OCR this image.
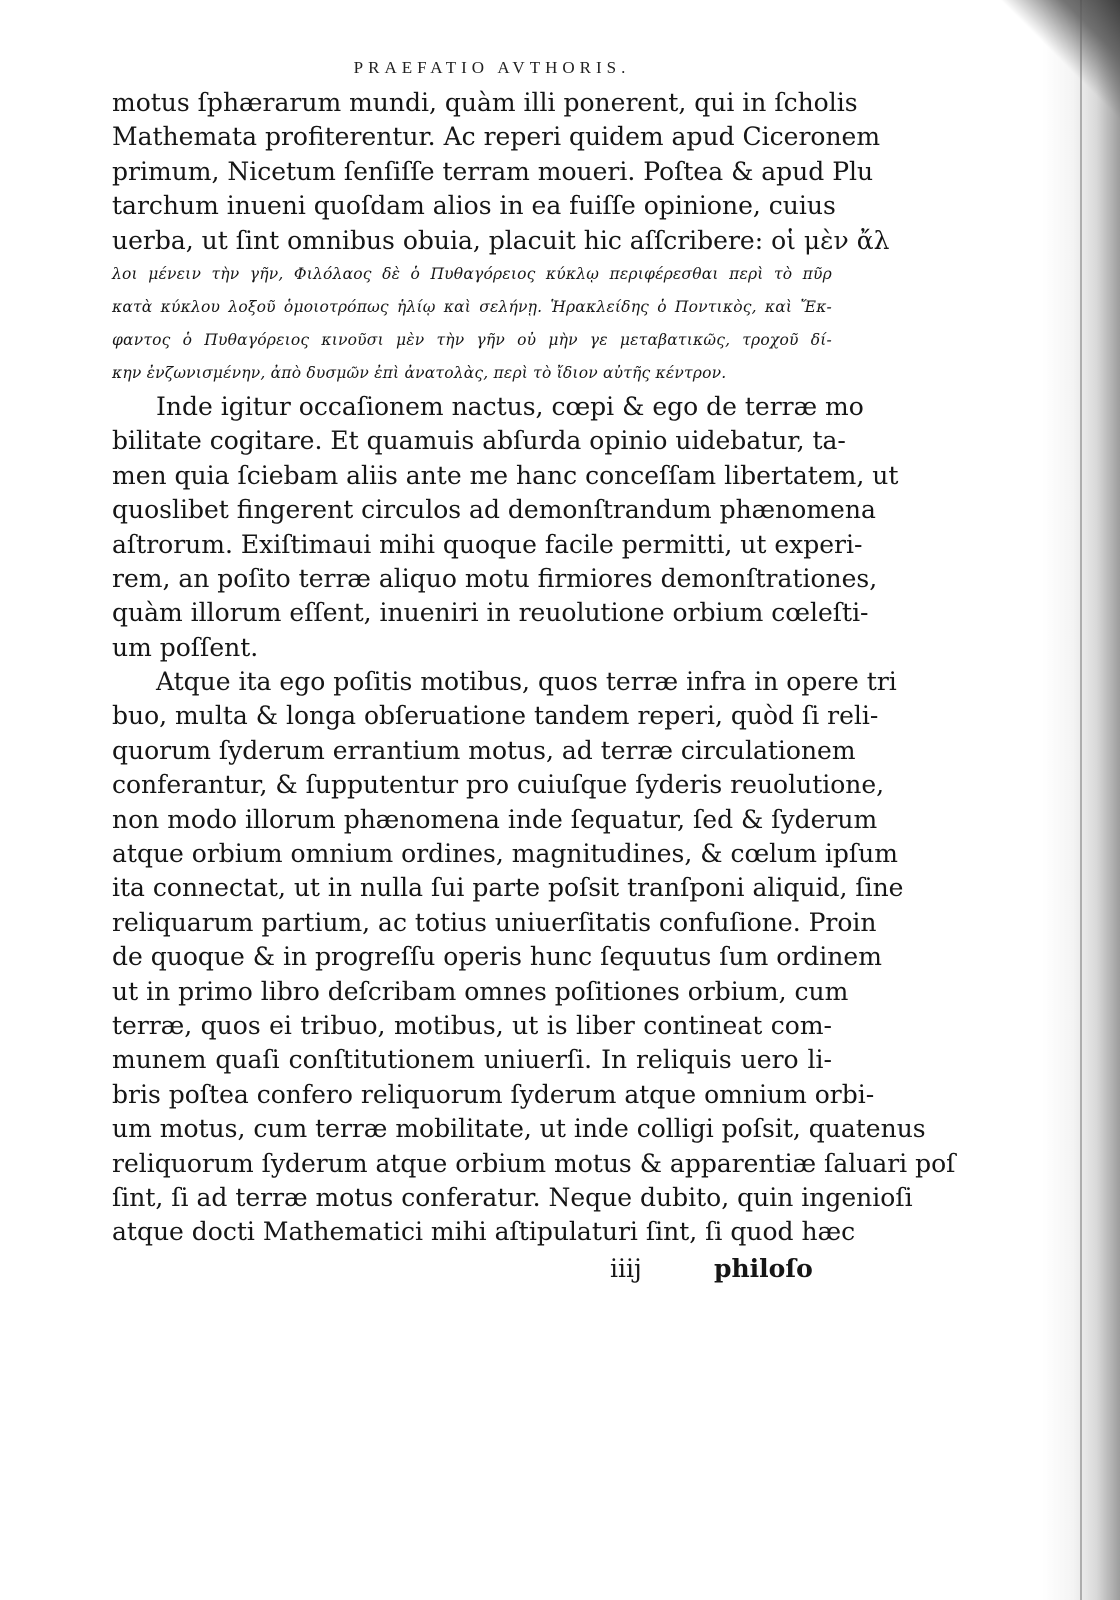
PRAEFATIO AVTHORIS.
motus ſphærarum mundi, quàm illi ponerent, qui in ſcholis
Mathemata profiterentur. Ac reperi quidem apud Ciceronem
primum, Nicetum ſenſiſſe terram moueri. Poſtea & apud Plu
tarchum inueni quoſdam alios in ea fuiſſe opinione, cuius
uerba, ut ſint omnibus obuia, placuit hic aſſcribere: οἱ μὲν ἄλ
λοι μένειν τὴν γῆν, Φιλόλαος δὲ ὁ Πυθαγόρειος κύκλῳ περιφέρεσθαι περὶ τὸ πῦρ
κατὰ κύκλου λοξοῦ ὁμοιοτρόπως ἡλίῳ καὶ σελήνῃ. Ἡρακλείδης ὁ Ποντικὸς, καὶ Ἔκ-
φαντος ὁ Πυθαγόρειος κινοῦσι μὲν τὴν γῆν οὐ μὴν γε μεταβατικῶς, τροχοῦ δί-
κην ἐνζωνισμένην, ἀπὸ δυσμῶν ἐπὶ ἀνατολὰς, περὶ τὸ ἴδιον αὐτῆς κέντρον.
Inde igitur occaſionem nactus, cœpi & ego de terræ mo
bilitate cogitare. Et quamuis abſurda opinio uidebatur, ta-
men quia ſciebam aliis ante me hanc conceſſam libertatem, ut
quoslibet fingerent circulos ad demonſtrandum phænomena
aſtrorum. Exiſtimaui mihi quoque facile permitti, ut experi-
rem, an poſito terræ aliquo motu firmiores demonſtrationes,
quàm illorum eſſent, inueniri in reuolutione orbium cœleſti-
um poſſent.
Atque ita ego poſitis motibus, quos terræ infra in opere tri
buo, multa & longa obſeruatione tandem reperi, quòd ſi reli-
quorum ſyderum errantium motus, ad terræ circulationem
conferantur, & ſupputentur pro cuiuſque ſyderis reuolutione,
non modo illorum phænomena inde ſequatur, ſed & ſyderum
atque orbium omnium ordines, magnitudines, & cœlum ipſum
ita connectat, ut in nulla ſui parte poſsit tranſponi aliquid, ſine
reliquarum partium, ac totius uniuerſitatis confuſione. Proin
de quoque & in progreſſu operis hunc ſequutus ſum ordinem
ut in primo libro deſcribam omnes poſitiones orbium, cum
terræ, quos ei tribuo, motibus, ut is liber contineat com-
munem quaſi conſtitutionem uniuerſi. In reliquis uero li-
bris poſtea confero reliquorum ſyderum atque omnium orbi-
um motus, cum terræ mobilitate, ut inde colligi poſsit, quatenus
reliquorum ſyderum atque orbium motus & apparentiæ ſaluari poſ
ſint, ſi ad terræ motus conferatur. Neque dubito, quin ingenioſi
atque docti Mathematici mihi aſtipulaturi ſint, ſi quod hæc
iiij	philoſo
